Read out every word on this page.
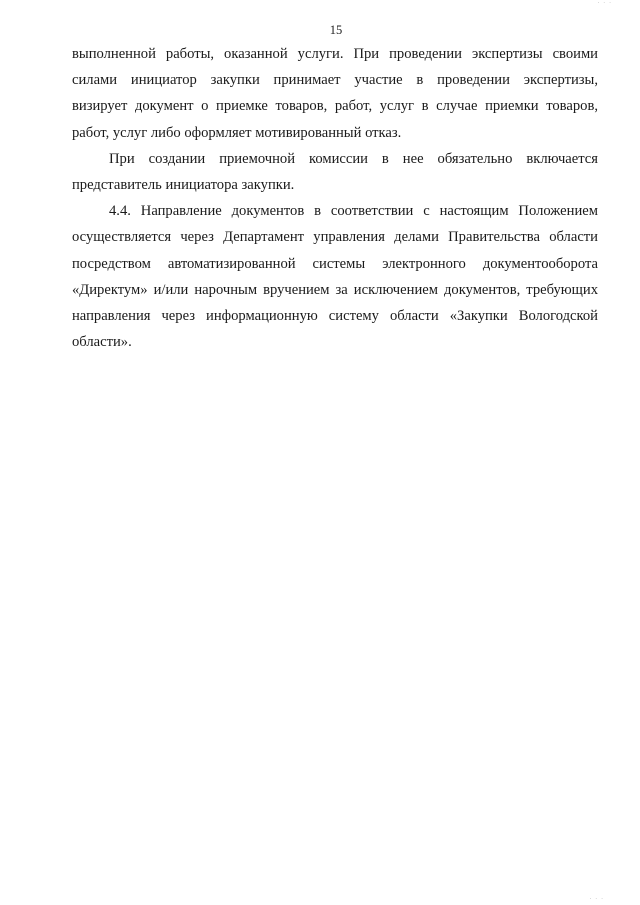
· · ·
15
выполненной работы, оказанной услуги. При проведении экспертизы своими
силами инициатор закупки принимает участие в проведении экспертизы,
визирует документ о приемке товаров, работ, услуг в случае приемки товаров,
работ, услуг либо оформляет мотивированный отказ.
При создании приемочной комиссии в нее обязательно включается
представитель инициатора закупки.
4.4. Направление документов в соответствии с настоящим Положением
осуществляется через Департамент управления делами Правительства области
посредством автоматизированной системы электронного документооборота
«Директум» и/или нарочным вручением за исключением документов, требующих
направления через информационную систему области «Закупки Вологодской
области».
· · ·
